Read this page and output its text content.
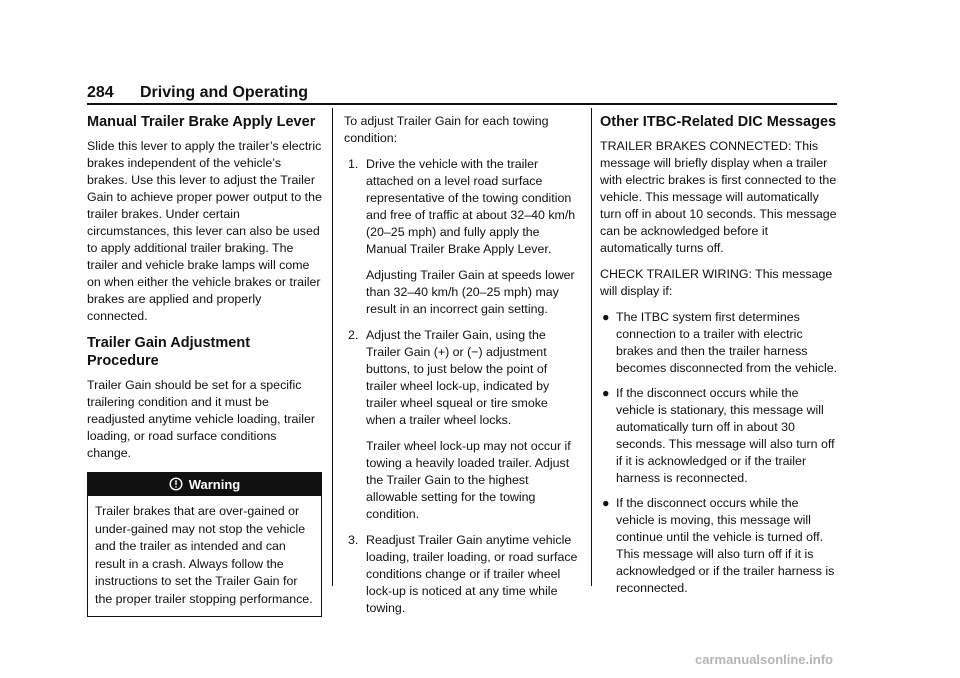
284 Driving and Operating
Manual Trailer Brake Apply Lever

Slide this lever to apply the trailer’s electric brakes independent of the vehicle’s brakes. Use this lever to adjust the Trailer Gain to achieve proper power output to the trailer brakes. Under certain circumstances, this lever can also be used to apply additional trailer braking. The trailer and vehicle brake lamps will come on when either the vehicle brakes or trailer brakes are applied and properly connected.

Trailer Gain Adjustment Procedure

Trailer Gain should be set for a specific trailering condition and it must be readjusted anytime vehicle loading, trailer loading, or road surface conditions change.

Warning
Trailer brakes that are over-gained or under-gained may not stop the vehicle and the trailer as intended and can result in a crash. Always follow the instructions to set the Trailer Gain for the proper trailer stopping performance.

To adjust Trailer Gain for each towing condition:

1. Drive the vehicle with the trailer attached on a level road surface representative of the towing condition and free of traffic at about 32–40 km/h (20–25 mph) and fully apply the Manual Trailer Brake Apply Lever.

Adjusting Trailer Gain at speeds lower than 32–40 km/h (20–25 mph) may result in an incorrect gain setting.

2. Adjust the Trailer Gain, using the Trailer Gain (+) or (−) adjustment buttons, to just below the point of trailer wheel lock-up, indicated by trailer wheel squeal or tire smoke when a trailer wheel locks.

Trailer wheel lock-up may not occur if towing a heavily loaded trailer. Adjust the Trailer Gain to the highest allowable setting for the towing condition.

3. Readjust Trailer Gain anytime vehicle loading, trailer loading, or road surface conditions change or if trailer wheel lock-up is noticed at any time while towing.

Other ITBC-Related DIC Messages

TRAILER BRAKES CONNECTED: This message will briefly display when a trailer with electric brakes is first connected to the vehicle. This message will automatically turn off in about 10 seconds. This message can be acknowledged before it automatically turns off.

CHECK TRAILER WIRING: This message will display if:

● The ITBC system first determines connection to a trailer with electric brakes and then the trailer harness becomes disconnected from the vehicle.
● If the disconnect occurs while the vehicle is stationary, this message will automatically turn off in about 30 seconds. This message will also turn off if it is acknowledged or if the trailer harness is reconnected.
● If the disconnect occurs while the vehicle is moving, this message will continue until the vehicle is turned off. This message will also turn off if it is acknowledged or if the trailer harness is reconnected.
carmanualsonline.info
